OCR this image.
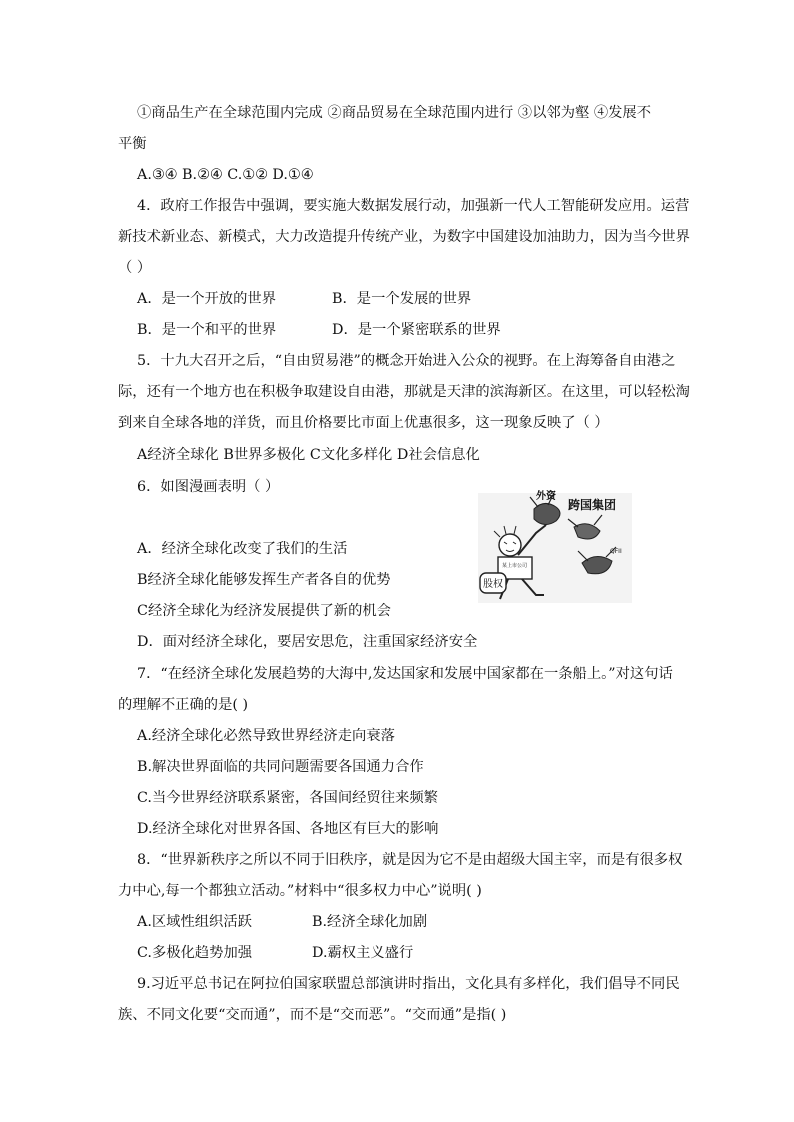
①商品生产在全球范围内完成 ②商品贸易在全球范围内进行 ③以邻为壑 ④发展不
平衡
A.③④ B.②④ C.①② D.①④
4．政府工作报告中强调，要实施大数据发展行动，加强新一代人工智能研发应用。运营
新技术新业态、新模式，大力改造提升传统产业，为数字中国建设加油助力，因为当今世界
（ ）
A．是一个开放的世界	B．是一个发展的世界
B．是一个和平的世界	D．是一个紧密联系的世界
5．十九大召开之后，“自由贸易港”的概念开始进入公众的视野。在上海筹备自由港之
际，还有一个地方也在积极争取建设自由港，那就是天津的滨海新区。在这里，可以轻松淘
到来自全球各地的洋货，而且价格要比市面上优惠很多，这一现象反映了（ ）
A经济全球化 B世界多极化 C文化多样化 D社会信息化
6．如图漫画表明（ ）
A．经济全球化改变了我们的生活
B经济全球化能够发挥生产者各自的优势
C经济全球化为经济发展提供了新的机会
D．面对经济全球化，要居安思危，注重国家经济安全
股权
某上市公司
外资
跨国集团
QFII
7．“在经济全球化发展趋势的大海中,发达国家和发展中国家都在一条船上。”对这句话
的理解不正确的是( )
A.经济全球化必然导致世界经济走向衰落
B.解决世界面临的共同问题需要各国通力合作
C.当今世界经济联系紧密，各国间经贸往来频繁
D.经济全球化对世界各国、各地区有巨大的影响
8．“世界新秩序之所以不同于旧秩序，就是因为它不是由超级大国主宰，而是有很多权
力中心,每一个都独立活动。”材料中“很多权力中心”说明( )
A.区域性组织活跃	B.经济全球化加剧
C.多极化趋势加强	D.霸权主义盛行
9.习近平总书记在阿拉伯国家联盟总部演讲时指出，文化具有多样化，我们倡导不同民
族、不同文化要“交而通”，而不是“交而恶”。“交而通”是指( )
